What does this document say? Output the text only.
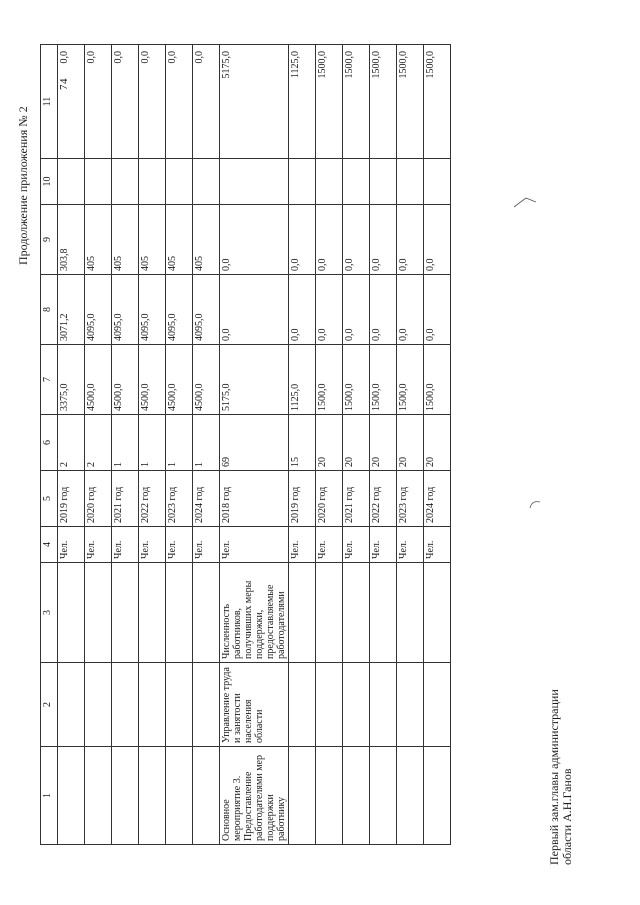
74
Продолжение приложения № 2
1	2	3	4	5	6	7	8	9	10	11
			Чел.	2019 год	2	3375,0	3071,2	303,8		0,0
			Чел.	2020 год	2	4500,0	4095,0	405		0,0
			Чел.	2021 год	1	4500,0	4095,0	405		0,0
			Чел.	2022 год	1	4500,0	4095,0	405		0,0
			Чел.	2023 год	1	4500,0	4095,0	405		0,0
			Чел.	2024 год	1	4500,0	4095,0	405		0,0
Основное мероприятие 3. Предоставление работодателями мер поддержки работнику	Управление труда и занятости населения области	Численность работников, получивших меры поддержки, предоставляемые работодателями	Чел.	2018 год	69	5175,0	0,0	0,0		5175,0
			Чел.	2019 год	15	1125,0	0,0	0,0		1125,0
			Чел.	2020 год	20	1500,0	0,0	0,0		1500,0
			Чел.	2021 год	20	1500,0	0,0	0,0		1500,0
			Чел.	2022 год	20	1500,0	0,0	0,0		1500,0
			Чел.	2023 год	20	1500,0	0,0	0,0		1500,0
			Чел.	2024 год	20	1500,0	0,0	0,0		1500,0
Первый зам.главы администрации области А.Н.Ганов
